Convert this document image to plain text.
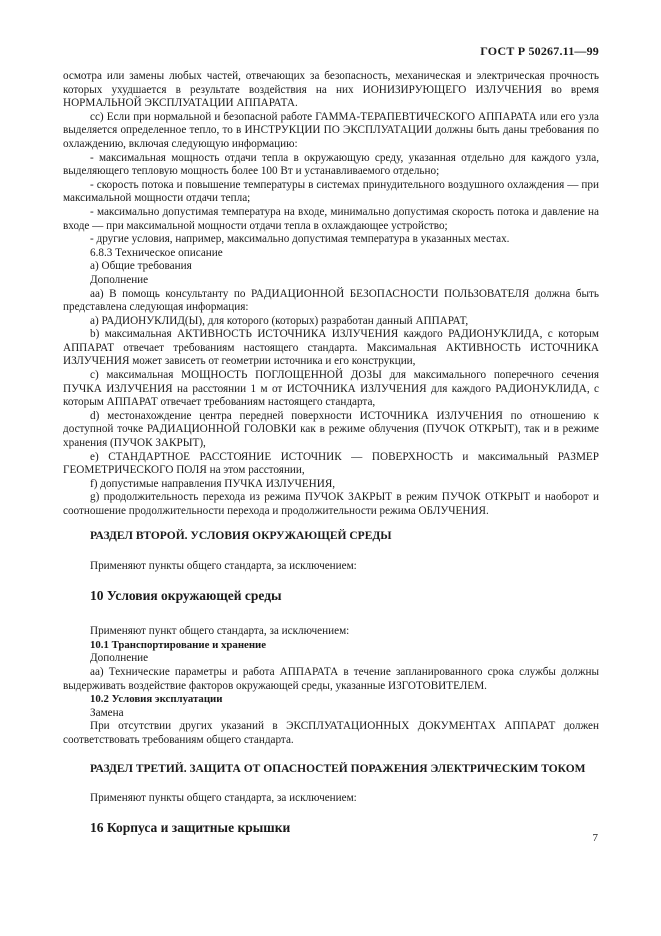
ГОСТ Р 50267.11—99

осмотра или замены любых частей, отвечающих за безопасность, механическая и электрическая прочность которых ухудшается в результате воздействия на них ИОНИЗИРУЮЩЕГО ИЗЛУЧЕНИЯ во время НОРМАЛЬНОЙ ЭКСПЛУАТАЦИИ АППАРАТА.

сс) Если при нормальной и безопасной работе ГАММА-ТЕРАПЕВТИЧЕСКОГО АППАРАТА или его узла выделяется определенное тепло, то в ИНСТРУКЦИИ ПО ЭКСПЛУАТАЦИИ должны быть даны требования по охлаждению, включая следующую информацию:

- максимальная мощность отдачи тепла в окружающую среду, указанная отдельно для каждого узла, выделяющего тепловую мощность более 100 Вт и устанавливаемого отдельно;

- скорость потока и повышение температуры в системах принудительного воздушного охлаждения — при максимальной мощности отдачи тепла;

- максимально допустимая температура на входе, минимально допустимая скорость потока и давление на входе — при максимальной мощности отдачи тепла в охлаждающее устройство;

- другие условия, например, максимально допустимая температура в указанных местах.

6.8.3 Техническое описание

а) Общие требования

Дополнение

аа) В помощь консультанту по РАДИАЦИОННОЙ БЕЗОПАСНОСТИ ПОЛЬЗОВАТЕЛЯ должна быть представлена следующая информация:

а) РАДИОНУКЛИД(Ы), для которого (которых) разработан данный АППАРАТ,

b) максимальная АКТИВНОСТЬ ИСТОЧНИКА ИЗЛУЧЕНИЯ каждого РАДИОНУКЛИДА, с которым АППАРАТ отвечает требованиям настоящего стандарта. Максимальная АКТИВНОСТЬ ИСТОЧНИКА ИЗЛУЧЕНИЯ может зависеть от геометрии источника и его конструкции,

с) максимальная МОЩНОСТЬ ПОГЛОЩЕННОЙ ДОЗЫ для максимального поперечного сечения ПУЧКА ИЗЛУЧЕНИЯ на расстоянии 1 м от ИСТОЧНИКА ИЗЛУЧЕНИЯ для каждого РАДИОНУКЛИДА, с которым АППАРАТ отвечает требованиям настоящего стандарта,

d) местонахождение центра передней поверхности ИСТОЧНИКА ИЗЛУЧЕНИЯ по отношению к доступной точке РАДИАЦИОННОЙ ГОЛОВКИ как в режиме облучения (ПУЧОК ОТКРЫТ), так и в режиме хранения (ПУЧОК ЗАКРЫТ),

е) СТАНДАРТНОЕ РАССТОЯНИЕ ИСТОЧНИК — ПОВЕРХНОСТЬ и максимальный РАЗМЕР ГЕОМЕТРИЧЕСКОГО ПОЛЯ на этом расстоянии,

f) допустимые направления ПУЧКА ИЗЛУЧЕНИЯ,

g) продолжительность перехода из режима ПУЧОК ЗАКРЫТ в режим ПУЧОК ОТКРЫТ и наоборот и соотношение продолжительности перехода и продолжительности режима ОБЛУЧЕНИЯ.

РАЗДЕЛ ВТОРОЙ. УСЛОВИЯ ОКРУЖАЮЩЕЙ СРЕДЫ

Применяют пункты общего стандарта, за исключением:

10 Условия окружающей среды

Применяют пункт общего стандарта, за исключением:

10.1 Транспортирование и хранение

Дополнение

аа) Технические параметры и работа АППАРАТА в течение запланированного срока службы должны выдерживать воздействие факторов окружающей среды, указанные ИЗГОТОВИТЕЛЕМ.

10.2 Условия эксплуатации

Замена

При отсутствии других указаний в ЭКСПЛУАТАЦИОННЫХ ДОКУМЕНТАХ АППАРАТ должен соответствовать требованиям общего стандарта.

РАЗДЕЛ ТРЕТИЙ. ЗАЩИТА ОТ ОПАСНОСТЕЙ ПОРАЖЕНИЯ ЭЛЕКТРИЧЕСКИМ ТОКОМ

Применяют пункты общего стандарта, за исключением:

16 Корпуса и защитные крышки
7
